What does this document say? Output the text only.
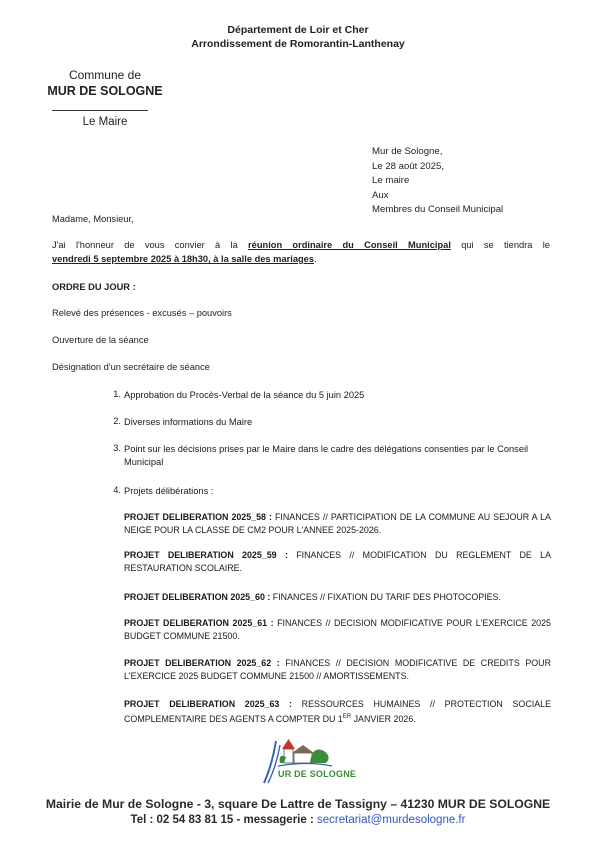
Département de Loir et Cher
Arrondissement de Romorantin-Lanthenay
Commune de
MUR DE SOLOGNE
Le Maire
Mur de Sologne,
Le 28 août 2025,
Le maire
Aux
Membres du Conseil Municipal
Madame, Monsieur,
J'ai l'honneur de vous convier à la réunion ordinaire du Conseil Municipal qui se tiendra le
vendredi 5 septembre 2025 à 18h30, à la salle des mariages.
ORDRE DU JOUR :
Relevé des présences - excusés – pouvoirs
Ouverture de la séance
Désignation d'un secrétaire de séance
1. Approbation du Procès-Verbal de la séance du 5 juin 2025
2. Diverses informations du Maire
3. Point sur les décisions prises par le Maire dans le cadre des délégations consenties par le Conseil Municipal
4. Projets délibérations :
PROJET DELIBERATION 2025_58 : FINANCES // PARTICIPATION DE LA COMMUNE AU SEJOUR A LA NEIGE POUR LA CLASSE DE CM2 POUR L'ANNEE 2025-2026.
PROJET DELIBERATION 2025_59 : FINANCES // MODIFICATION DU REGLEMENT DE LA RESTAURATION SCOLAIRE.
PROJET DELIBERATION 2025_60 : FINANCES // FIXATION DU TARIF DES PHOTOCOPIES.
PROJET DELIBERATION 2025_61 : FINANCES // DECISION MODIFICATIVE POUR L'EXERCICE 2025 BUDGET COMMUNE 21500.
PROJET DELIBERATION 2025_62 : FINANCES // DECISION MODIFICATIVE DE CREDITS POUR L'EXERCICE 2025 BUDGET COMMUNE 21500 // AMORTISSEMENTS.
PROJET DELIBERATION 2025_63 : RESSOURCES HUMAINES // PROTECTION SOCIALE COMPLEMENTAIRE DES AGENTS A COMPTER DU 1ER JANVIER 2026.
UR DE SOLOGNE
Mairie de Mur de Sologne - 3, square De Lattre de Tassigny – 41230 MUR DE SOLOGNE
Tel : 02 54 83 81 15 - messagerie : secretariat@murdesologne.fr
